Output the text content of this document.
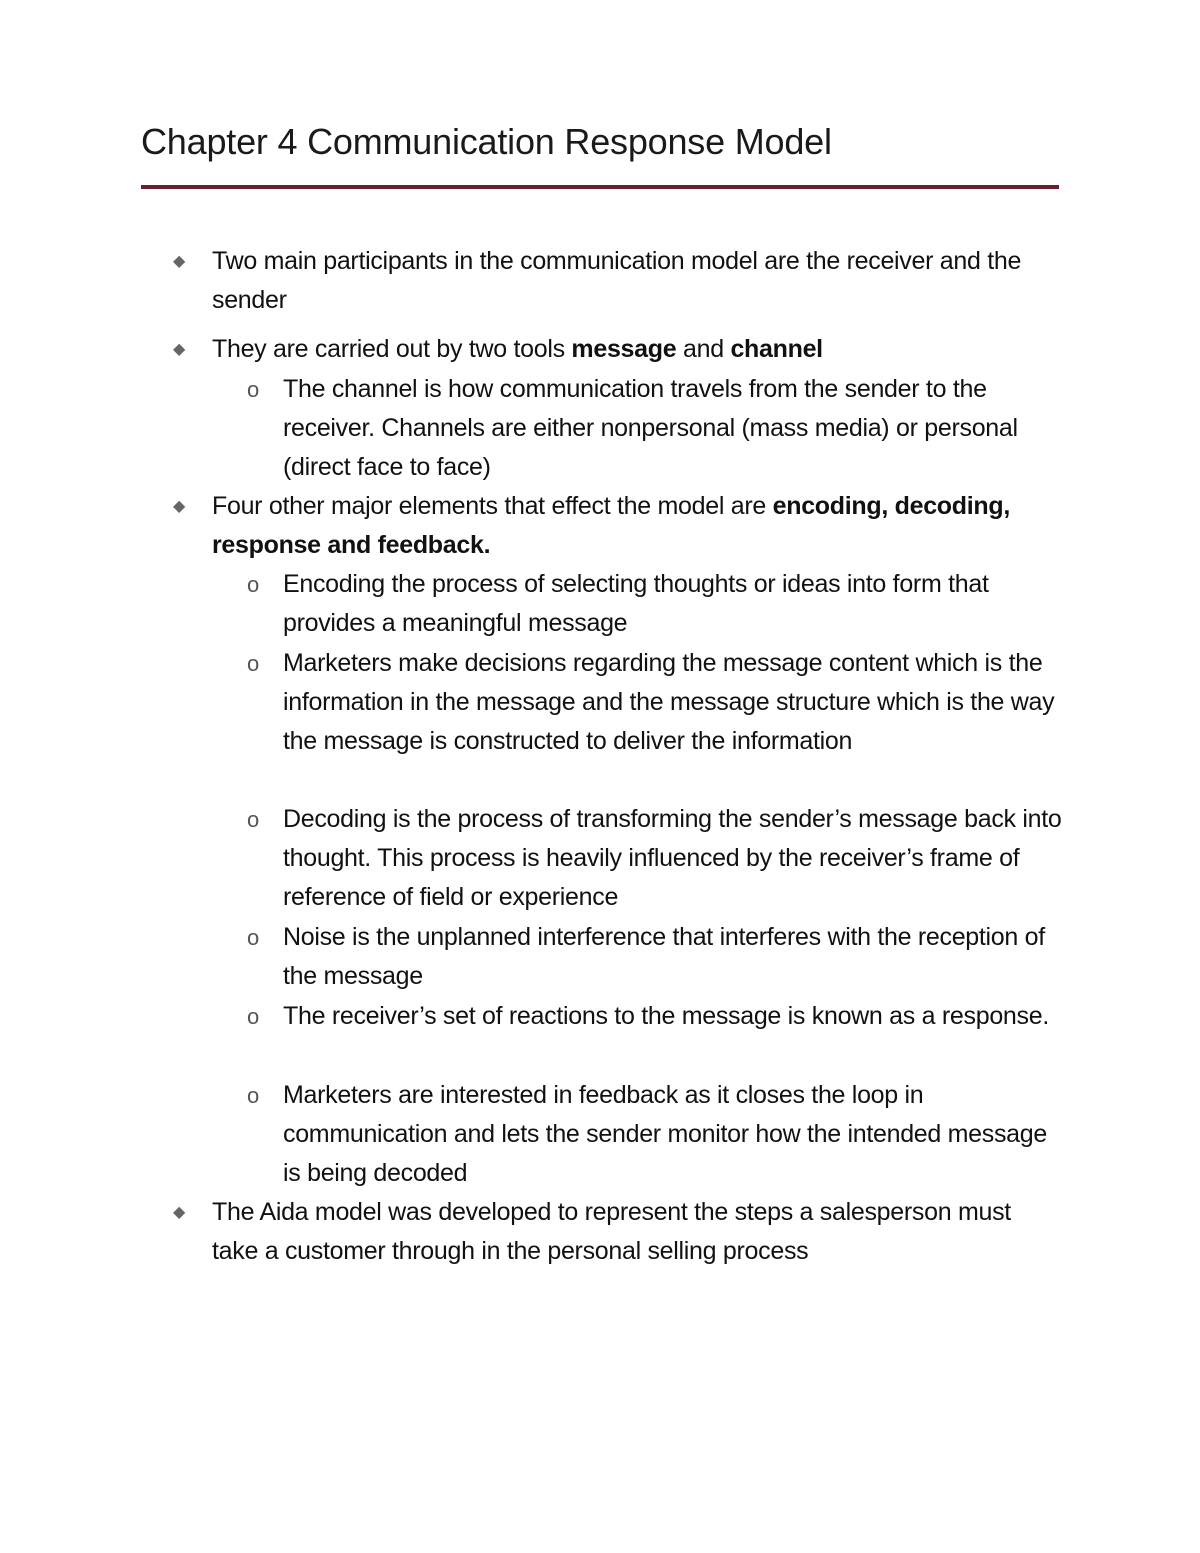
Chapter 4 Communication Response Model
◆ Two main participants in the communication model are the receiver and the sender
◆ They are carried out by two tools message and channel
o The channel is how communication travels from the sender to the receiver. Channels are either nonpersonal (mass media) or personal (direct face to face)
◆ Four other major elements that effect the model are encoding, decoding, response and feedback.
o Encoding the process of selecting thoughts or ideas into form that provides a meaningful message
o Marketers make decisions regarding the message content which is the information in the message and the message structure which is the way the message is constructed to deliver the information
o Decoding is the process of transforming the sender’s message back into thought. This process is heavily influenced by the receiver’s frame of reference of field or experience
o Noise is the unplanned interference that interferes with the reception of the message
o The receiver’s set of reactions to the message is known as a response.
o Marketers are interested in feedback as it closes the loop in communication and lets the sender monitor how the intended message is being decoded
◆ The Aida model was developed to represent the steps a salesperson must take a customer through in the personal selling process
